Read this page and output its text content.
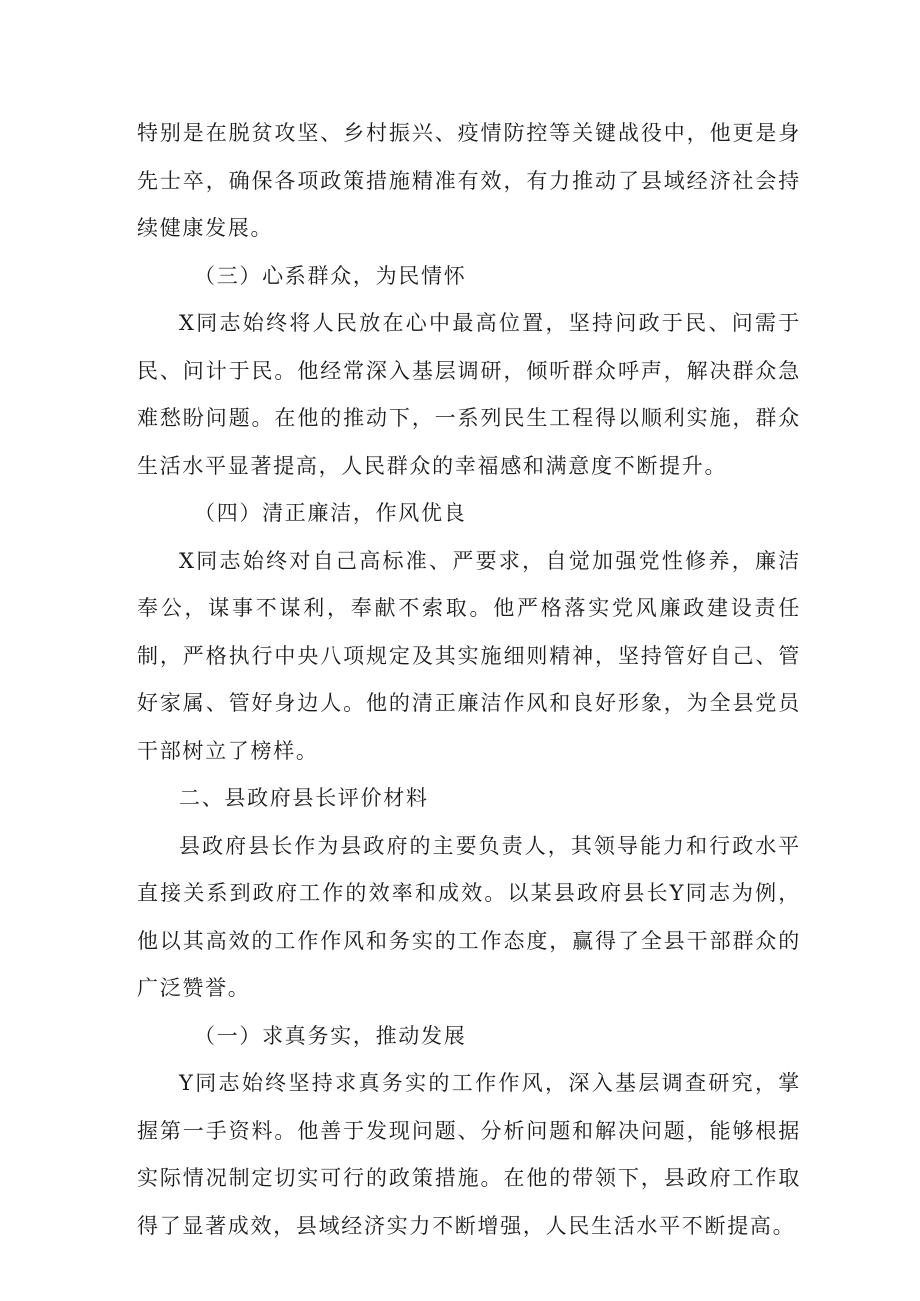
特别是在脱贫攻坚、乡村振兴、疫情防控等关键战役中，他更是身先士卒，确保各项政策措施精准有效，有力推动了县域经济社会持续健康发展。

（三）心系群众，为民情怀

X同志始终将人民放在心中最高位置，坚持问政于民、问需于民、问计于民。他经常深入基层调研，倾听群众呼声，解决群众急难愁盼问题。在他的推动下，一系列民生工程得以顺利实施，群众生活水平显著提高，人民群众的幸福感和满意度不断提升。

（四）清正廉洁，作风优良

X同志始终对自己高标准、严要求，自觉加强党性修养，廉洁奉公，谋事不谋利，奉献不索取。他严格落实党风廉政建设责任制，严格执行中央八项规定及其实施细则精神，坚持管好自己、管好家属、管好身边人。他的清正廉洁作风和良好形象，为全县党员干部树立了榜样。

二、县政府县长评价材料

县政府县长作为县政府的主要负责人，其领导能力和行政水平直接关系到政府工作的效率和成效。以某县政府县长Y同志为例，他以其高效的工作作风和务实的工作态度，赢得了全县干部群众的广泛赞誉。

（一）求真务实，推动发展

Y同志始终坚持求真务实的工作作风，深入基层调查研究，掌握第一手资料。他善于发现问题、分析问题和解决问题，能够根据实际情况制定切实可行的政策措施。在他的带领下，县政府工作取得了显著成效，县域经济实力不断增强，人民生活水平不断提高。
